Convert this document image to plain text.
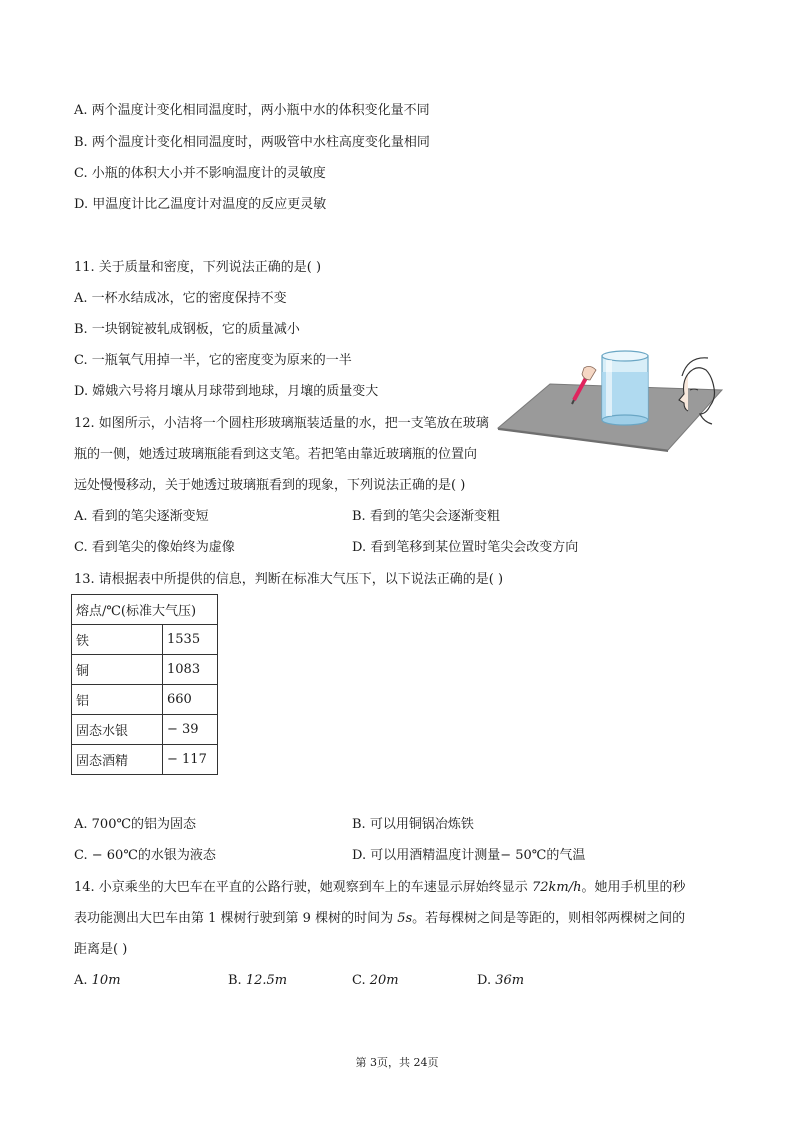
A. 两个温度计变化相同温度时，两小瓶中水的体积变化量不同
B. 两个温度计变化相同温度时，两吸管中水柱高度变化量相同
C. 小瓶的体积大小并不影响温度计的灵敏度
D. 甲温度计比乙温度计对温度的反应更灵敏
11. 关于质量和密度，下列说法正确的是( )
A. 一杯水结成冰，它的密度保持不变
B. 一块钢锭被轧成钢板，它的质量减小
C. 一瓶氧气用掉一半，它的密度变为原来的一半
D. 嫦娥六号将月壤从月球带到地球，月壤的质量变大
12. 如图所示，小洁将一个圆柱形玻璃瓶装适量的水，把一支笔放在玻璃
瓶的一侧，她透过玻璃瓶能看到这支笔。若把笔由靠近玻璃瓶的位置向
远处慢慢移动，关于她透过玻璃瓶看到的现象，下列说法正确的是( )
A. 看到的笔尖逐渐变短	B. 看到的笔尖会逐渐变粗
C. 看到笔尖的像始终为虚像	D. 看到笔移到某位置时笔尖会改变方向
13. 请根据表中所提供的信息，判断在标准大气压下，以下说法正确的是( )
熔点/℃(标准大气压)	
铁	1535
铜	1083
铝	660
固态水银	− 39
固态酒精	− 117
A. 700℃的铝为固态	B. 可以用铜锅冶炼铁
C. − 60℃的水银为液态	D. 可以用酒精温度计测量− 50℃的气温
14. 小京乘坐的大巴车在平直的公路行驶，她观察到车上的车速显示屏始终显示 72km/h。她用手机里的秒
表功能测出大巴车由第 1 棵树行驶到第 9 棵树的时间为 5s。若每棵树之间是等距的，则相邻两棵树之间的
距离是( )
A. 10m	B. 12.5m	C. 20m	D. 36m
第 3页，共 24页
